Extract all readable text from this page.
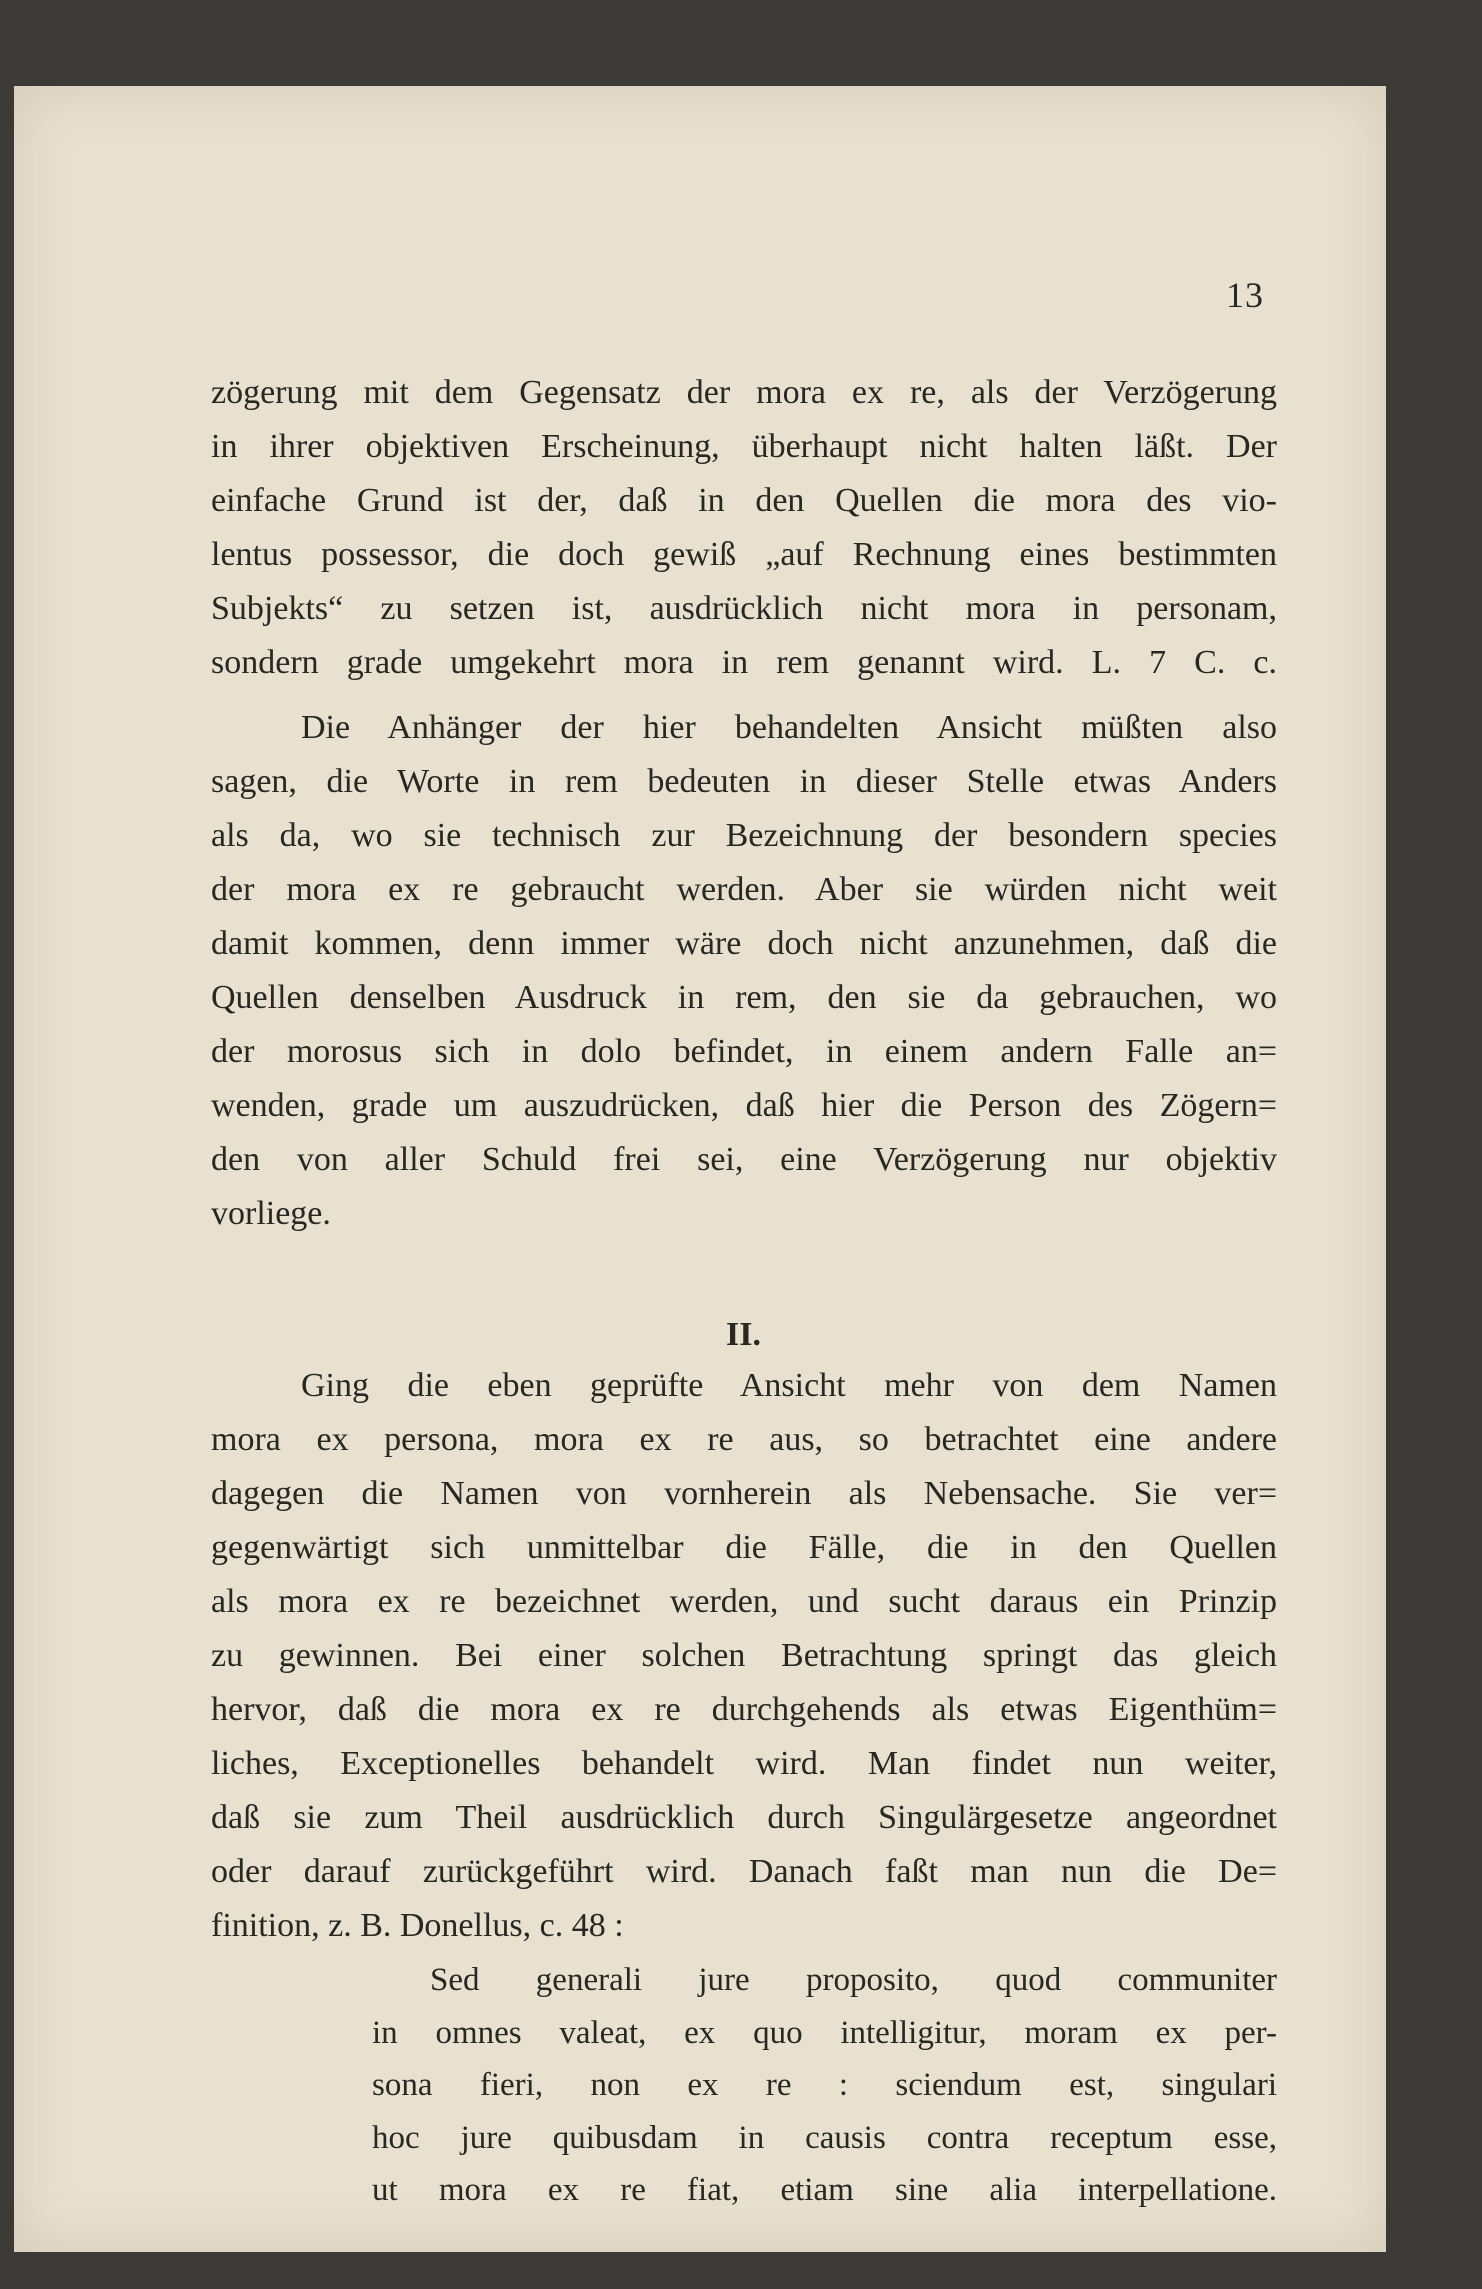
13
zögerung mit dem Gegensatz der mora ex re, als der Verzögerung
in ihrer objektiven Erscheinung, überhaupt nicht halten läßt. Der
einfache Grund ist der, daß in den Quellen die mora des vio-
lentus possessor, die doch gewiß „auf Rechnung eines bestimmten
Subjekts“ zu setzen ist, ausdrücklich nicht mora in personam,
sondern grade umgekehrt mora in rem genannt wird. L. 7 C. c.
Die Anhänger der hier behandelten Ansicht müßten also
sagen, die Worte in rem bedeuten in dieser Stelle etwas Anders
als da, wo sie technisch zur Bezeichnung der besondern species
der mora ex re gebraucht werden. Aber sie würden nicht weit
damit kommen, denn immer wäre doch nicht anzunehmen, daß die
Quellen denselben Ausdruck in rem, den sie da gebrauchen, wo
der morosus sich in dolo befindet, in einem andern Falle an=
wenden, grade um auszudrücken, daß hier die Person des Zögern=
den von aller Schuld frei sei, eine Verzögerung nur objektiv
vorliege.
II.
Ging die eben geprüfte Ansicht mehr von dem Namen
mora ex persona, mora ex re aus, so betrachtet eine andere
dagegen die Namen von vornherein als Nebensache. Sie ver=
gegenwärtigt sich unmittelbar die Fälle, die in den Quellen
als mora ex re bezeichnet werden, und sucht daraus ein Prinzip
zu gewinnen. Bei einer solchen Betrachtung springt das gleich
hervor, daß die mora ex re durchgehends als etwas Eigenthüm=
liches, Exceptionelles behandelt wird. Man findet nun weiter,
daß sie zum Theil ausdrücklich durch Singulärgesetze angeordnet
oder darauf zurückgeführt wird. Danach faßt man nun die De=
finition, z. B. Donellus, c. 48 :
Sed generali jure proposito, quod communiter
in omnes valeat, ex quo intelligitur, moram ex per-
sona fieri, non ex re : sciendum est, singulari
hoc jure quibusdam in causis contra receptum esse,
ut mora ex re fiat, etiam sine alia interpellatione.
